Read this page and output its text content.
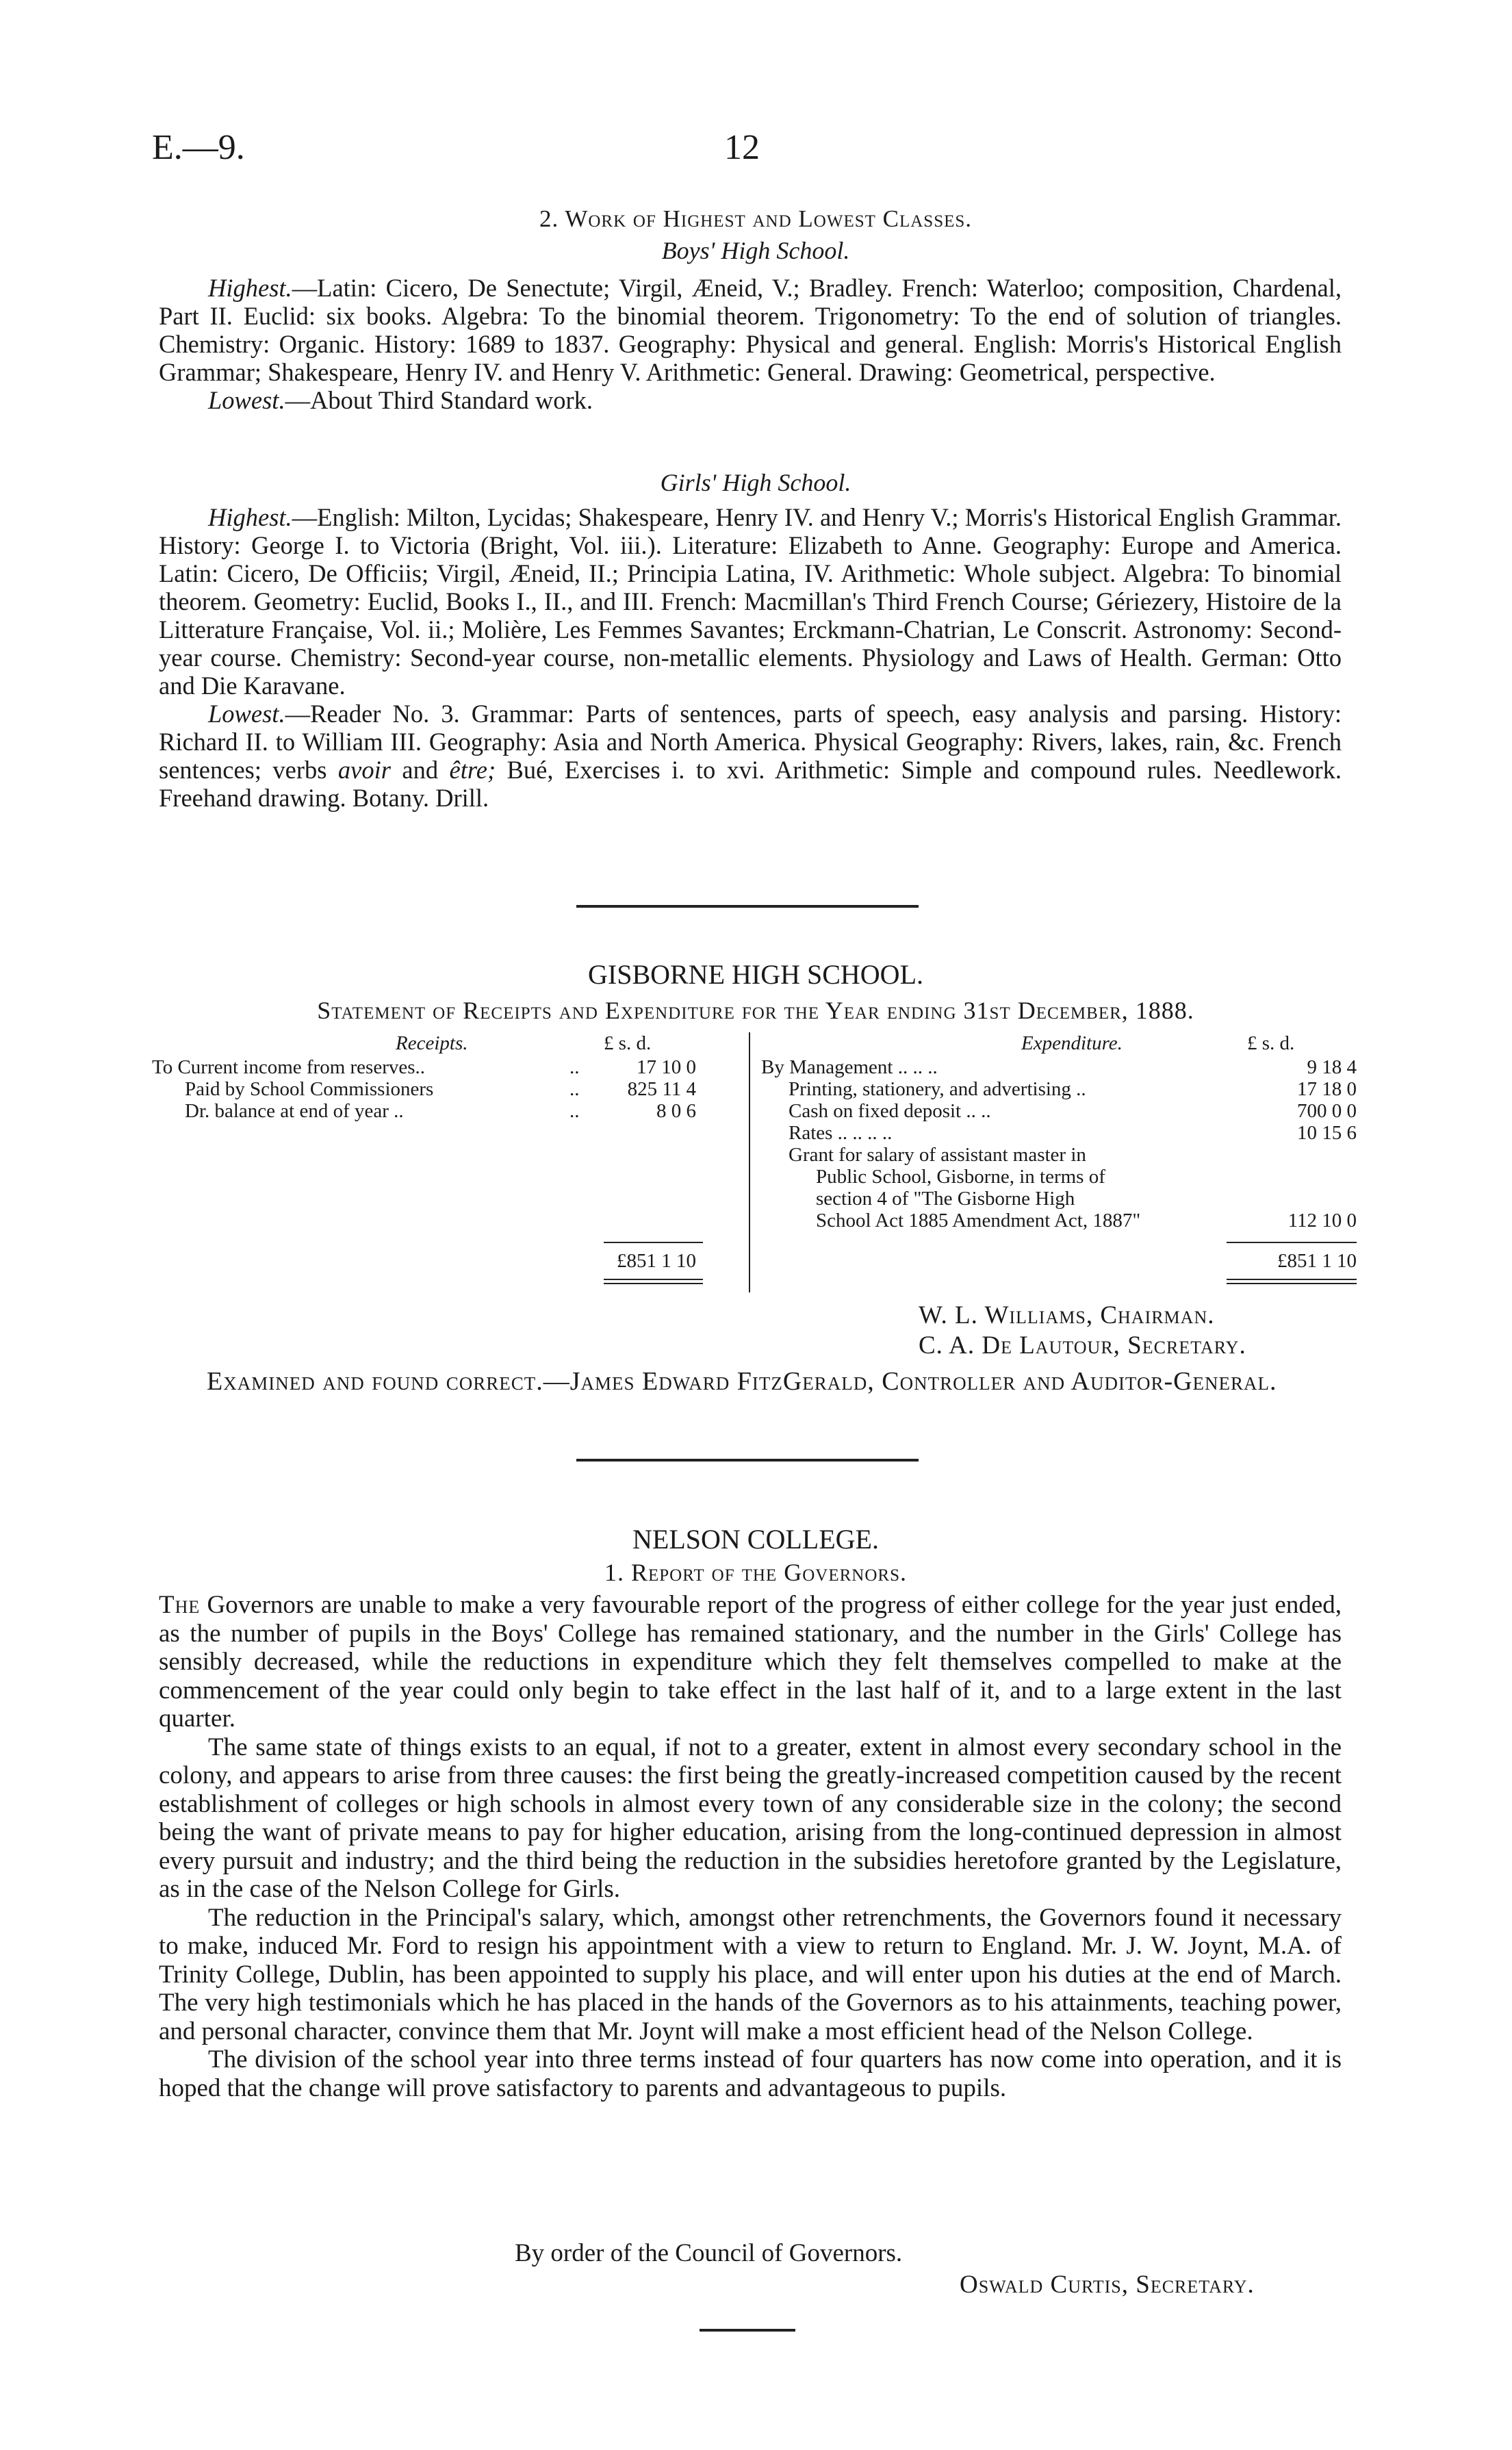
E.—9.	12
2. Work of Highest and Lowest Classes.
Boys' High School.

Highest.—Latin: Cicero, De Senectute; Virgil, Æneid, V.; Bradley. French: Waterloo; composition, Chardenal, Part II. Euclid: six books. Algebra: To the binomial theorem. Trigonometry: To the end of solution of triangles. Chemistry: Organic. History: 1689 to 1837. Geography: Physical and general. English: Morris's Historical English Grammar; Shakespeare, Henry IV. and Henry V. Arithmetic: General. Drawing: Geometrical, perspective.

Lowest.—About Third Standard work.

Girls' High School.

Highest.—English: Milton, Lycidas; Shakespeare, Henry IV. and Henry V.; Morris's Historical English Grammar. History: George I. to Victoria (Bright, Vol. iii.). Literature: Elizabeth to Anne. Geography: Europe and America. Latin: Cicero, De Officiis; Virgil, Æneid, II.; Principia Latina, IV. Arithmetic: Whole subject. Algebra: To binomial theorem. Geometry: Euclid, Books I., II., and III. French: Macmillan's Third French Course; Gériezery, Histoire de la Litterature Française, Vol. ii.; Molière, Les Femmes Savantes; Erckmann-Chatrian, Le Conscrit. Astronomy: Second-year course. Chemistry: Second-year course, non-metallic elements. Physiology and Laws of Health. German: Otto and Die Karavane.

Lowest.—Reader No. 3. Grammar: Parts of sentences, parts of speech, easy analysis and parsing. History: Richard II. to William III. Geography: Asia and North America. Physical Geography: Rivers, lakes, rain, &c. French sentences; verbs avoir and être; Bué, Exercises i. to xvi. Arithmetic: Simple and compound rules. Needlework. Freehand drawing. Botany. Drill.

GISBORNE HIGH SCHOOL.
Statement of Receipts and Expenditure for the Year ending 31st December, 1888.
Receipts.	£ s. d.	Expenditure.	£ s. d.
To Current income from reserves..	..	17 10 0
Paid by School Commissioners	..	825 11 4
Dr. balance at end of year ..	..	8 0 6
By Management .. .. ..	9 18 4
Printing, stationery, and advertising ..	17 18 0
Cash on fixed deposit .. ..	700 0 0
Rates .. .. .. ..	10 15 6
Grant for salary of assistant master in
Public School, Gisborne, in terms of
section 4 of "The Gisborne High
School Act 1885 Amendment Act, 1887"	112 10 0
£851 1 10	£851 1 10
W. L. Williams, Chairman.
C. A. De Lautour, Secretary.
Examined and found correct.—James Edward FitzGerald, Controller and Auditor-General.
NELSON COLLEGE.
1. Report of the Governors.

The Governors are unable to make a very favourable report of the progress of either college for the year just ended, as the number of pupils in the Boys' College has remained stationary, and the number in the Girls' College has sensibly decreased, while the reductions in expenditure which they felt themselves compelled to make at the commencement of the year could only begin to take effect in the last half of it, and to a large extent in the last quarter.

The same state of things exists to an equal, if not to a greater, extent in almost every secondary school in the colony, and appears to arise from three causes: the first being the greatly-increased competition caused by the recent establishment of colleges or high schools in almost every town of any considerable size in the colony; the second being the want of private means to pay for higher education, arising from the long-continued depression in almost every pursuit and industry; and the third being the reduction in the subsidies heretofore granted by the Legislature, as in the case of the Nelson College for Girls.

The reduction in the Principal's salary, which, amongst other retrenchments, the Governors found it necessary to make, induced Mr. Ford to resign his appointment with a view to return to England. Mr. J. W. Joynt, M.A. of Trinity College, Dublin, has been appointed to supply his place, and will enter upon his duties at the end of March. The very high testimonials which he has placed in the hands of the Governors as to his attainments, teaching power, and personal character, convince them that Mr. Joynt will make a most efficient head of the Nelson College.

The division of the school year into three terms instead of four quarters has now come into operation, and it is hoped that the change will prove satisfactory to parents and advantageous to pupils.

By order of the Council of Governors.
Oswald Curtis, Secretary.
